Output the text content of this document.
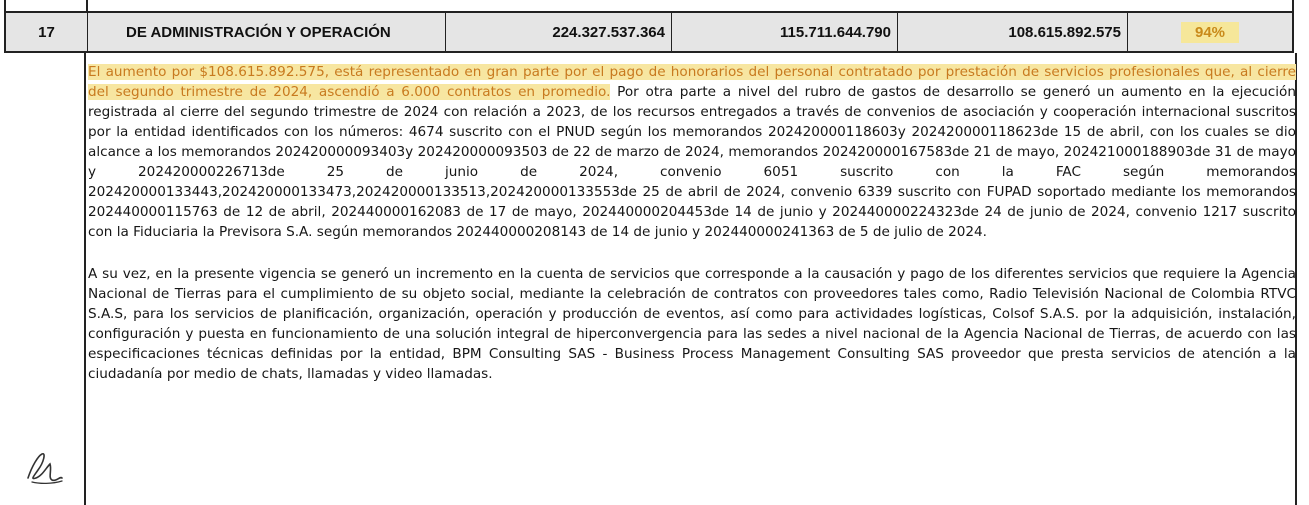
17	DE ADMINISTRACIÓN Y OPERACIÓN	224.327.537.364	115.711.644.790	108.615.892.575	94%

El aumento por $108.615.892.575, está representado en gran parte por el pago de honorarios del personal contratado por prestación de servicios profesionales que, al cierre del segundo trimestre de 2024, ascendió a 6.000 contratos en promedio. Por otra parte a nivel del rubro de gastos de desarrollo se generó un aumento en la ejecución registrada al cierre del segundo trimestre de 2024 con relación a 2023, de los recursos entregados a través de convenios de asociación y cooperación internacional suscritos por la entidad identificados con los números: 4674 suscrito con el PNUD según los memorandos 202420000118603y 202420000118623de 15 de abril, con los cuales se dio alcance a los memorandos 202420000093403y 202420000093503 de 22 de marzo de 2024, memorandos 202420000167583de 21 de mayo, 202421000188903de 31 de mayo y 202420000226713de 25 de junio de 2024, convenio 6051 suscrito con la FAC según memorandos 202420000133443,202420000133473,202420000133513,202420000133553de 25 de abril de 2024, convenio 6339 suscrito con FUPAD soportado mediante los memorandos 202440000115763 de 12 de abril, 202440000162083 de 17 de mayo, 202440000204453de 14 de junio y 202440000224323de 24 de junio de 2024, convenio 1217 suscrito con la Fiduciaria la Previsora S.A. según memorandos 202440000208143 de 14 de junio y 202440000241363 de 5 de julio de 2024.

A su vez, en la presente vigencia se generó un incremento en la cuenta de servicios que corresponde a la causación y pago de los diferentes servicios que requiere la Agencia Nacional de Tierras para el cumplimiento de su objeto social, mediante la celebración de contratos con proveedores tales como, Radio Televisión Nacional de Colombia RTVC S.A.S, para los servicios de planificación, organización, operación y producción de eventos, así como para actividades logísticas, Colsof S.A.S. por la adquisición, instalación, configuración y puesta en funcionamiento de una solución integral de hiperconvergencia para las sedes a nivel nacional de la Agencia Nacional de Tierras, de acuerdo con las especificaciones técnicas definidas por la entidad, BPM Consulting SAS - Business Process Management Consulting SAS proveedor que presta servicios de atención a la ciudadanía por medio de chats, llamadas y video llamadas.
